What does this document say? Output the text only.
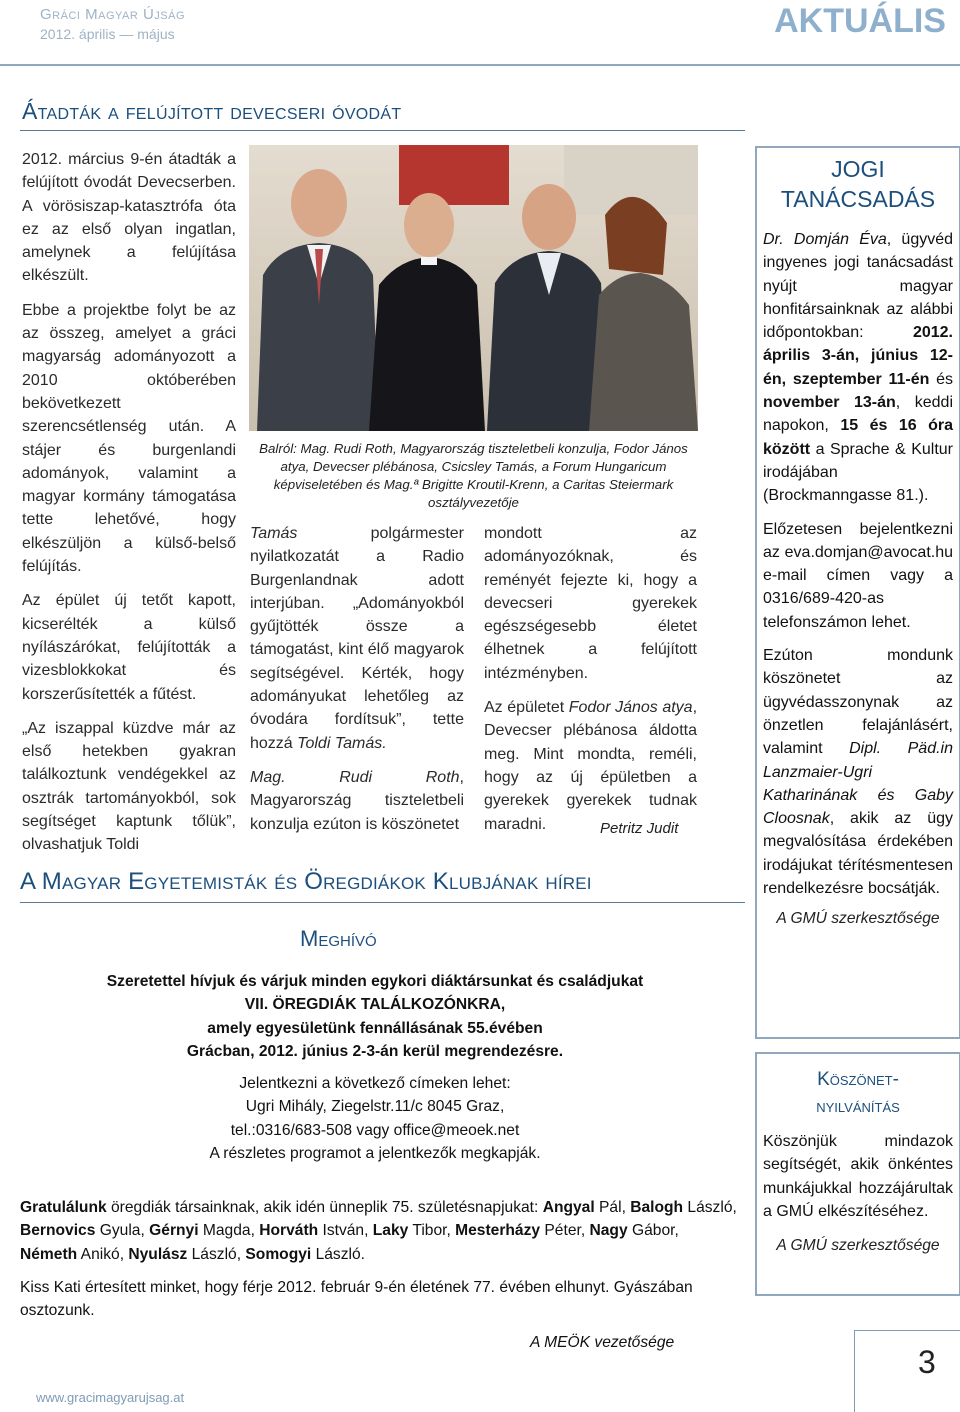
Gráci Magyar Újság
2012. április — május	AKTUÁLIS
Átadták a felújított devecseri óvodát

2012. március 9-én átadták a felújított óvodát Devecserben. A vörösiszap-katasztrófa óta ez az első olyan ingatlan, amelynek a felújítása elkészült.

Ebbe a projektbe folyt be az az összeg, amelyet a gráci magyarság adományozott a 2010 októberében bekövetkezett szerencsétlenség után. A stájer és burgenlandi adományok, valamint a magyar kormány támogatása tette lehetővé, hogy elkészüljön a külső-belső felújítás.

Az épület új tetőt kapott, kicserélték a külső nyílászárókat, felújították a vizesblokkokat és korszerűsítették a fűtést.

„Az iszappal küzdve már az első hetekben gyakran találkoztunk vendégekkel az osztrák tartományokból, sok segítséget kaptunk tőlük”, olvashatjuk Toldi

Balról: Mag. Rudi Roth, Magyarország tiszteletbeli konzulja, Fodor János atya, Devecser plébánosa, Csicsley Tamás, a Forum Hungaricum képviseletében és Mag.ª Brigitte Kroutil-Krenn, a Caritas Steiermark osztályvezetője

Tamás polgármester nyilatkozatát a Radio Burgenlandnak adott interjúban. „Adományokból gyűjtötték össze a támogatást, kint élő magyarok segítségével. Kérték, hogy adományukat lehetőleg az óvodára fordítsuk”, tette hozzá Toldi Tamás.

Mag. Rudi Roth, Magyarország tiszteletbeli konzulja ezúton is köszönetet

mondott az adományozóknak, és reményét fejezte ki, hogy a devecseri gyerekek egészségesebb életet élhetnek a felújított intézményben.

Az épületet Fodor János atya, Devecser plébánosa áldotta meg. Mint mondta, reméli, hogy az új épületben a gyerekek gyerekek tudnak maradni.	Petritz Judit
A Magyar Egyetemisták és Öregdiákok Klubjának hírei
Meghívó
Szeretettel hívjuk és várjuk minden egykori diáktársunkat és családjukat
VII. ÖREGDIÁK TALÁLKOZÓNKRA,
amely egyesületünk fennállásának 55.évében
Grácban, 2012. június 2-3-án kerül megrendezésre.
Jelentkezni a következő címeken lehet:
Ugri Mihály, Ziegelstr.11/c 8045 Graz,
tel.:0316/683-508 vagy office@meoek.net
A részletes programot a jelentkezők megkapják.
Gratulálunk öregdiák társainknak, akik idén ünneplik 75. születésnapjukat: Angyal Pál, Balogh László, Bernovics Gyula, Gérnyi Magda, Horváth István, Laky Tibor, Mesterházy Péter, Nagy Gábor, Németh Anikó, Nyulász László, Somogyi László.
Kiss Kati értesített minket, hogy férje 2012. február 9-én életének 77. évében elhunyt. Gyászában osztozunk.
A MEÖK vezetősége
JOGI
TANÁCSADÁS

Dr. Domján Éva, ügyvéd ingyenes jogi tanácsadást nyújt magyar honfitársainknak az alábbi időpontokban:	2012. április 3-án, június 12-én, szeptember 11-én és november 13-án, keddi napokon, 15 és 16 óra között a Sprache & Kultur irodájában (Brockmanngasse 81.).

Előzetesen bejelentkezni az eva.domjan@avocat.hu e-mail címen vagy a 0316/689-420-as telefonszámon lehet.

Ezúton mondunk köszönetet az ügyvédasszonynak az önzetlen felajánlásért, valamint Dipl. Päd.in Lanzmaier-Ugri Katharinának és Gaby Cloosnak, akik az ügy megvalósítása érdekében irodájukat térítésmentesen rendelkezésre bocsátják.

A GMÚ szerkesztősége
Köszönet-
nyilvánítás
Köszönjük mindazok segítségét, akik önkéntes munkájukkal hozzájárultak a GMÚ elkészítéséhez.
A GMÚ szerkesztősége
www.gracimagyarujsag.at
3
